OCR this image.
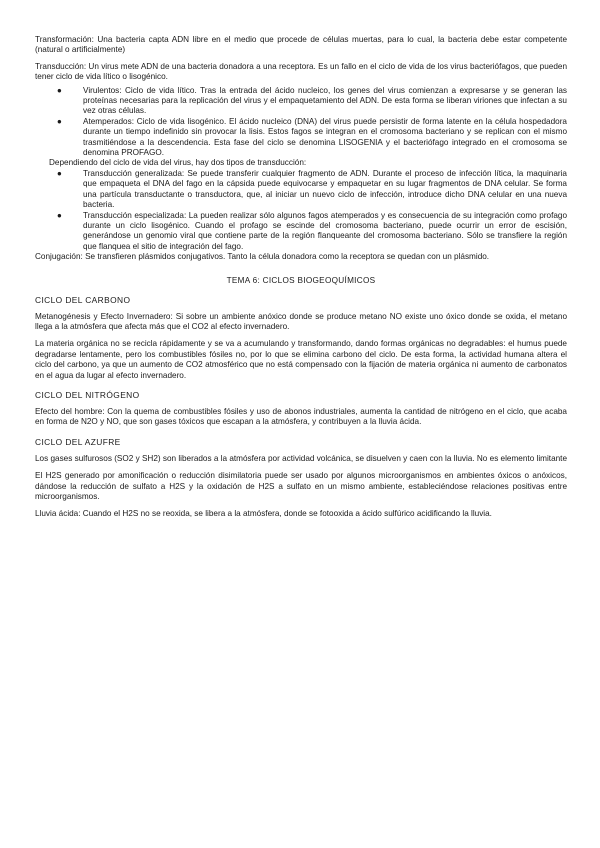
Transformación: Una bacteria capta ADN libre en el medio que procede de células muertas, para lo cual, la bacteria debe estar competente (natural o artificialmente)

Transducción: Un virus mete ADN de una bacteria donadora a una receptora. Es un fallo en el ciclo de vida de los virus bacteriófagos, que pueden tener ciclo de vida lítico o lisogénico.

●	Virulentos: Ciclo de vida lítico. Tras la entrada del ácido nucleico, los genes del virus comienzan a expresarse y se generan las proteínas necesarias para la replicación del virus y el empaquetamiento del ADN. De esta forma se liberan viriones que infectan a su vez otras células.
●	Atemperados: Ciclo de vida lisogénico. El ácido nucleico (DNA) del virus puede persistir de forma latente en la célula hospedadora durante un tiempo indefinido sin provocar la lisis. Estos fagos se integran en el cromosoma bacteriano y se replican con el mismo trasmitiéndose a la descendencia. Esta fase del ciclo se denomina LISOGENIA y el bacteriófago integrado en el cromosoma se denomina PROFAGO.

Dependiendo del ciclo de vida del virus, hay dos tipos de transducción:

●	Transducción generalizada: Se puede transferir cualquier fragmento de ADN. Durante el proceso de infección lítica, la maquinaria que empaqueta el DNA del fago en la cápsida puede equivocarse y empaquetar en su lugar fragmentos de DNA celular. Se forma una partícula transductante o transductora, que, al iniciar un nuevo ciclo de infección, introduce dicho DNA celular en una nueva bacteria.
●	Transducción especializada: La pueden realizar sólo algunos fagos atemperados y es consecuencia de su integración como profago durante un ciclo lisogénico. Cuando el profago se escinde del cromosoma bacteriano, puede ocurrir un error de escisión, generándose un genomio viral que contiene parte de la región flanqueante del cromosoma bacteriano. Sólo se transfiere la región que flanquea el sitio de integración del fago.

Conjugación: Se transfieren plásmidos conjugativos. Tanto la célula donadora como la receptora se quedan con un plásmido.

TEMA 6: CICLOS BIOGEOQUÍMICOS
CICLO DEL CARBONO

Metanogénesis y Efecto Invernadero: Si sobre un ambiente anóxico donde se produce metano NO existe uno óxico donde se oxida, el metano llega a la atmósfera que afecta más que el CO2 al efecto invernadero.

La materia orgánica no se recicla rápidamente y se va a acumulando y transformando, dando formas orgánicas no degradables: el humus puede degradarse lentamente, pero los combustibles fósiles no, por lo que se elimina carbono del ciclo. De esta forma, la actividad humana altera el ciclo del carbono, ya que un aumento de CO2 atmosférico que no está compensado con la fijación de materia orgánica ni aumento de carbonatos en el agua da lugar al efecto invernadero.

CICLO DEL NITRÓGENO

Efecto del hombre: Con la quema de combustibles fósiles y uso de abonos industriales, aumenta la cantidad de nitrógeno en el ciclo, que acaba en forma de N2O y NO, que son gases tóxicos que escapan a la atmósfera, y contribuyen a la lluvia ácida.

CICLO DEL AZUFRE

Los gases sulfurosos (SO2 y SH2) son liberados a la atmósfera por actividad volcánica, se disuelven y caen con la lluvia. No es elemento limitante

El H2S generado por amonificación o reducción disimilatoria puede ser usado por algunos microorganismos en ambientes óxicos o anóxicos, dándose la reducción de sulfato a H2S y la oxidación de H2S a sulfato en un mismo ambiente, estableciéndose relaciones positivas entre microorganismos.

Lluvia ácida: Cuando el H2S no se reoxida, se libera a la atmósfera, donde se fotooxida a ácido sulfúrico acidificando la lluvia.
